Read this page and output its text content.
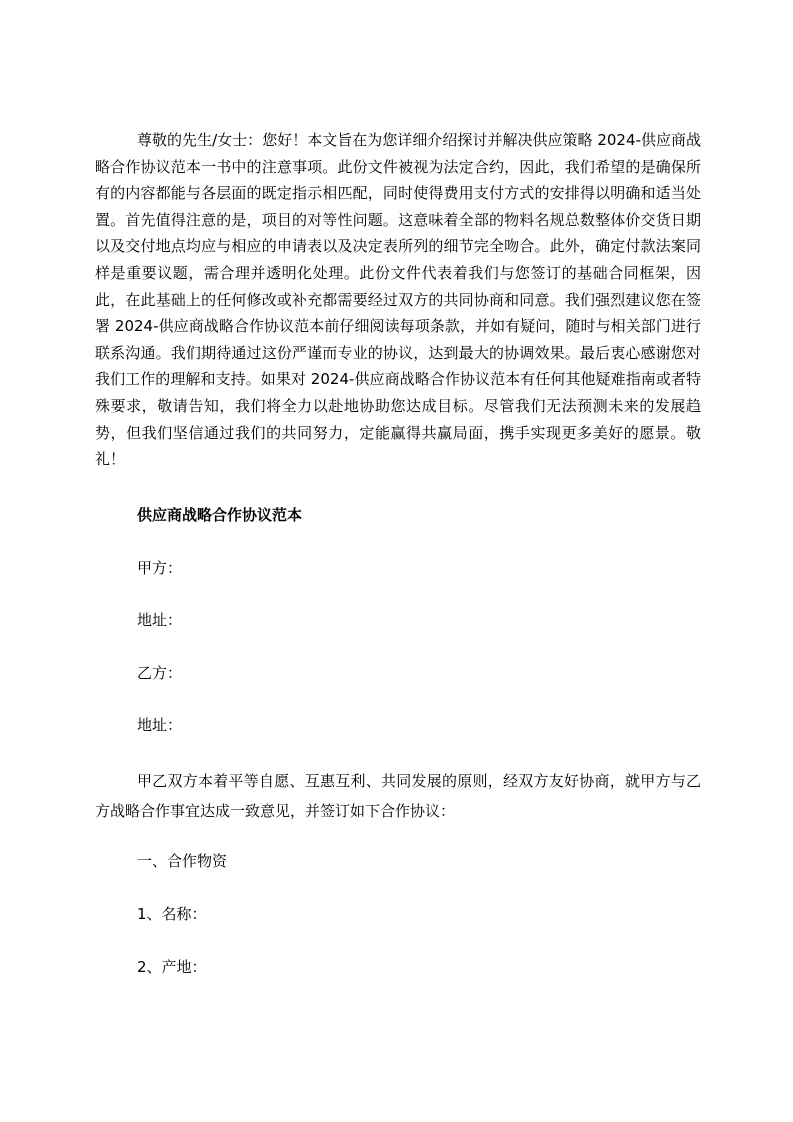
尊敬的先生/女士：您好！本文旨在为您详细介绍探讨并解决供应策略 2024-供应商战略合作协议范本一书中的注意事项。此份文件被视为法定合约，因此，我们希望的是确保所有的内容都能与各层面的既定指示相匹配，同时使得费用支付方式的安排得以明确和适当处置。首先值得注意的是，项目的对等性问题。这意味着全部的物料名规总数整体价交货日期以及交付地点均应与相应的申请表以及决定表所列的细节完全吻合。此外，确定付款法案同样是重要议题，需合理并透明化处理。此份文件代表着我们与您签订的基础合同框架，因此，在此基础上的任何修改或补充都需要经过双方的共同协商和同意。我们强烈建议您在签署 2024-供应商战略合作协议范本前仔细阅读每项条款，并如有疑问，随时与相关部门进行联系沟通。我们期待通过这份严谨而专业的协议，达到最大的协调效果。最后衷心感谢您对我们工作的理解和支持。如果对 2024-供应商战略合作协议范本有任何其他疑难指南或者特殊要求，敬请告知，我们将全力以赴地协助您达成目标。尽管我们无法预测未来的发展趋势，但我们坚信通过我们的共同努力，定能赢得共赢局面，携手实现更多美好的愿景。敬礼！

供应商战略合作协议范本

甲方：

地址：

乙方：

地址：

甲乙双方本着平等自愿、互惠互利、共同发展的原则，经双方友好协商，就甲方与乙方战略合作事宜达成一致意见，并签订如下合作协议：

一、合作物资

1、名称：

2、产地：
